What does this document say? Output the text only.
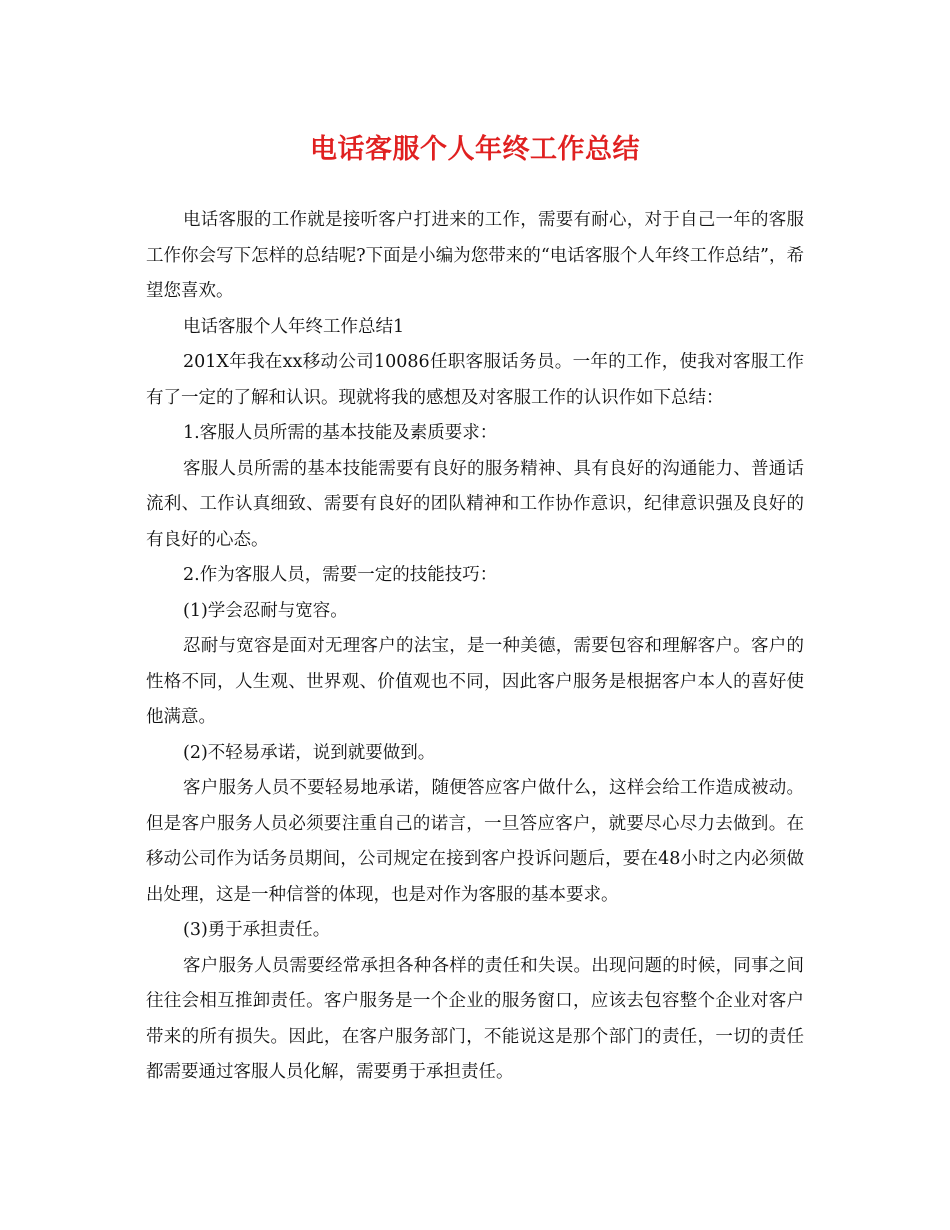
电话客服个人年终工作总结

电话客服的工作就是接听客户打进来的工作，需要有耐心，对于自己一年的客服工作你会写下怎样的总结呢?下面是小编为您带来的“电话客服个人年终工作总结”，希望您喜欢。

电话客服个人年终工作总结1

201X年我在xx移动公司10086任职客服话务员。一年的工作，使我对客服工作有了一定的了解和认识。现就将我的感想及对客服工作的认识作如下总结：

1.客服人员所需的基本技能及素质要求：

客服人员所需的基本技能需要有良好的服务精神、具有良好的沟通能力、普通话流利、工作认真细致、需要有良好的团队精神和工作协作意识，纪律意识强及良好的有良好的心态。

2.作为客服人员，需要一定的技能技巧：

(1)学会忍耐与宽容。

忍耐与宽容是面对无理客户的法宝，是一种美德，需要包容和理解客户。客户的性格不同，人生观、世界观、价值观也不同，因此客户服务是根据客户本人的喜好使他满意。

(2)不轻易承诺，说到就要做到。

客户服务人员不要轻易地承诺，随便答应客户做什么，这样会给工作造成被动。但是客户服务人员必须要注重自己的诺言，一旦答应客户，就要尽心尽力去做到。在移动公司作为话务员期间，公司规定在接到客户投诉问题后，要在48小时之内必须做出处理，这是一种信誉的体现，也是对作为客服的基本要求。

(3)勇于承担责任。

客户服务人员需要经常承担各种各样的责任和失误。出现问题的时候，同事之间往往会相互推卸责任。客户服务是一个企业的服务窗口，应该去包容整个企业对客户带来的所有损失。因此，在客户服务部门，不能说这是那个部门的责任，一切的责任都需要通过客服人员化解，需要勇于承担责任。
